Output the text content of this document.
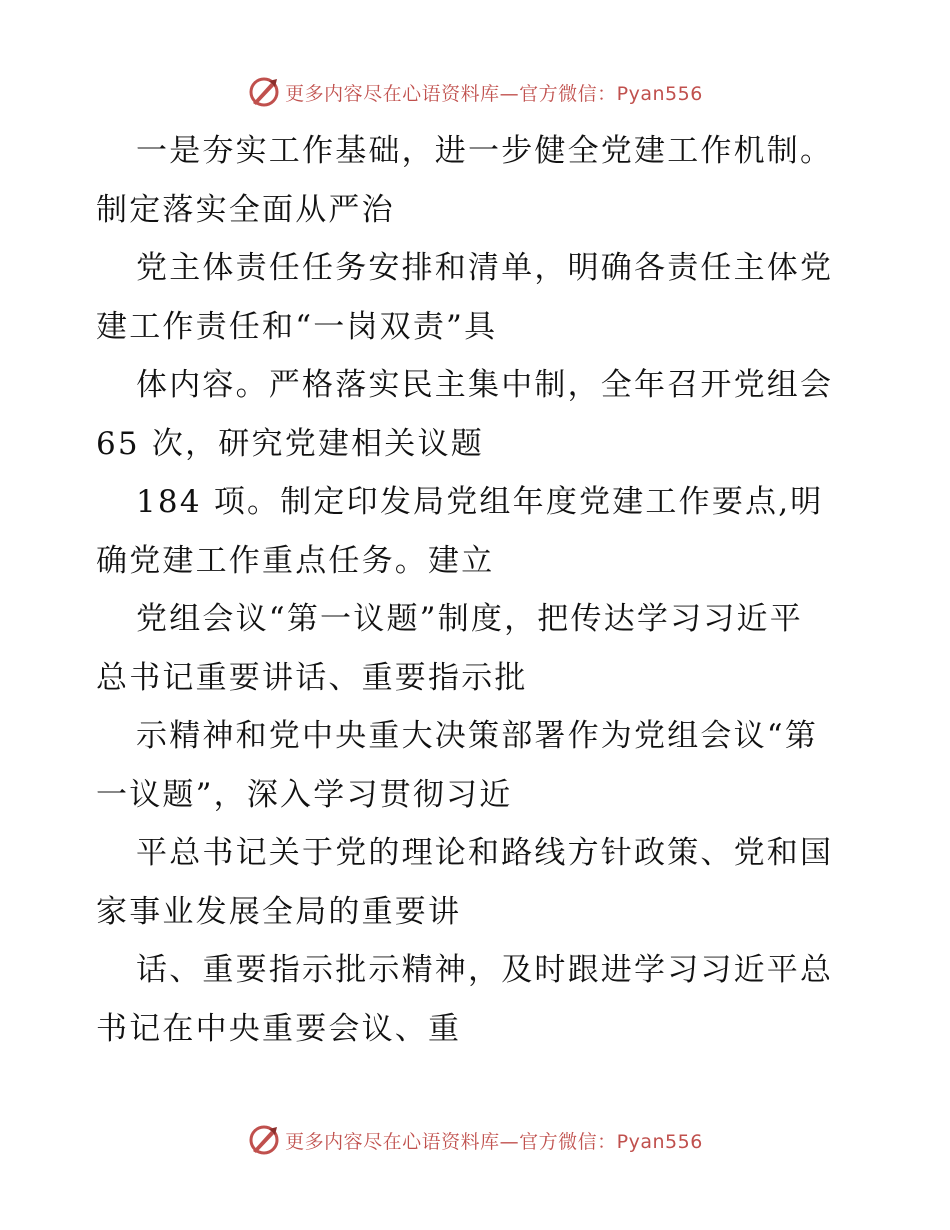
更多内容尽在心语资料库—官方微信：Pyan556
一是夯实工作基础，进一步健全党建工作机制。
制定落实全面从严治
党主体责任任务安排和清单，明确各责任主体党
建工作责任和“一岗双责”具
体内容。严格落实民主集中制，全年召开党组会
65 次，研究党建相关议题
184 项。制定印发局党组年度党建工作要点,明
确党建工作重点任务。建立
党组会议“第一议题”制度，把传达学习习近平
总书记重要讲话、重要指示批
示精神和党中央重大决策部署作为党组会议“第
一议题”，深入学习贯彻习近
平总书记关于党的理论和路线方针政策、党和国
家事业发展全局的重要讲
话、重要指示批示精神，及时跟进学习习近平总
书记在中央重要会议、重
更多内容尽在心语资料库—官方微信：Pyan556
